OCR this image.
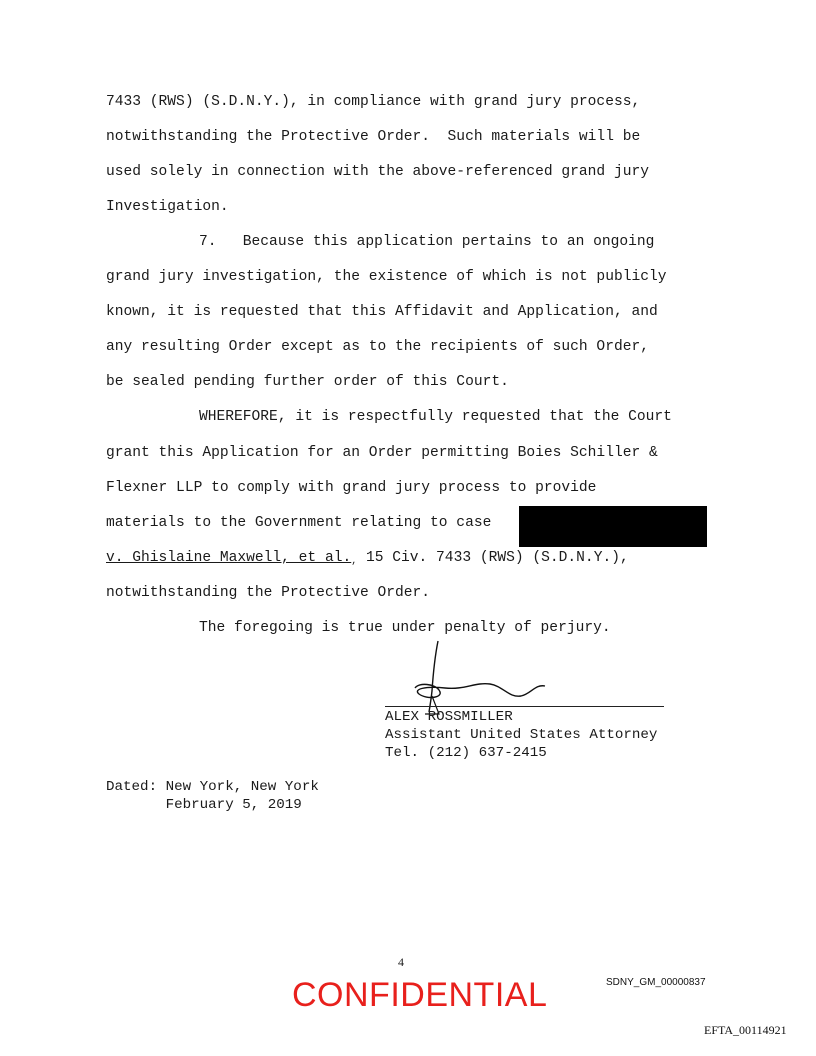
7433 (RWS) (S.D.N.Y.), in compliance with grand jury process,

notwithstanding the Protective Order.  Such materials will be

used solely in connection with the above-referenced grand jury

Investigation.

7.   Because this application pertains to an ongoing

grand jury investigation, the existence of which is not publicly

known, it is requested that this Affidavit and Application, and

any resulting Order except as to the recipients of such Order,

be sealed pending further order of this Court.

WHEREFORE, it is respectfully requested that the Court

grant this Application for an Order permitting Boies Schiller &

Flexner LLP to comply with grand jury process to provide

materials to the Government relating to case

v. Ghislaine Maxwell, et al., 15 Civ. 7433 (RWS) (S.D.N.Y.),

notwithstanding the Protective Order.

The foregoing is true under penalty of perjury.

ALEX ROSSMILLER
Assistant United States Attorney
Tel. (212) 637-2415
Dated: New York, New York
February 5, 2019
4
CONFIDENTIAL	SDNY_GM_00000837
EFTA_00114921
